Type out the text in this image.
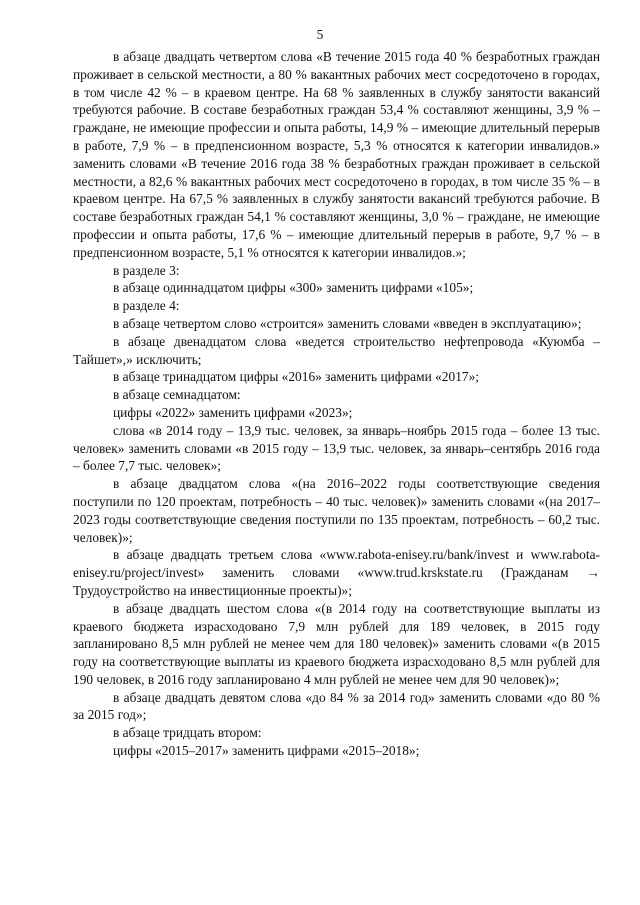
5

в абзаце двадцать четвертом слова «В течение 2015 года 40 % безработных граждан проживает в сельской местности, а 80 % вакантных рабочих мест сосредоточено в городах, в том числе 42 % – в краевом центре. На 68 % заявленных в службу занятости вакансий требуются рабочие. В составе безработных граждан 53,4 % составляют женщины, 3,9 % – граждане, не имеющие профессии и опыта работы, 14,9 % – имеющие длительный перерыв в работе, 7,9 % – в предпенсионном возрасте, 5,3 % относятся к категории инвалидов.» заменить словами «В течение 2016 года 38 % безработных граждан проживает в сельской местности, а 82,6 % вакантных рабочих мест сосредоточено в городах, в том числе 35 % – в краевом центре. На 67,5 % заявленных в службу занятости вакансий требуются рабочие. В составе безработных граждан 54,1 % составляют женщины, 3,0 % – граждане, не имеющие профессии и опыта работы, 17,6 % – имеющие длительный перерыв в работе, 9,7 % – в предпенсионном возрасте, 5,1 % относятся к категории инвалидов.»;

в разделе 3:

в абзаце одиннадцатом цифры «300» заменить цифрами «105»;

в разделе 4:

в абзаце четвертом слово «строится» заменить словами «введен в эксплуатацию»;

в абзаце двенадцатом слова «ведется строительство нефтепровода «Куюмба – Тайшет»,» исключить;

в абзаце тринадцатом цифры «2016» заменить цифрами «2017»;

в абзаце семнадцатом:

цифры «2022» заменить цифрами «2023»;

слова «в 2014 году – 13,9 тыс. человек, за январь–ноябрь 2015 года – более 13 тыс. человек» заменить словами «в 2015 году – 13,9 тыс. человек, за январь–сентябрь 2016 года – более 7,7 тыс. человек»;

в абзаце двадцатом слова «(на 2016–2022 годы соответствующие сведения поступили по 120 проектам, потребность – 40 тыс. человек)» заменить словами «(на 2017–2023 годы соответствующие сведения поступили по 135 проектам, потребность – 60,2 тыс. человек)»;

в абзаце двадцать третьем слова «www.rabota-enisey.ru/bank/invest и www.rabota-enisey.ru/project/invest» заменить словами «www.trud.krskstate.ru (Гражданам → Трудоустройство на инвестиционные проекты)»;

в абзаце двадцать шестом слова «(в 2014 году на соответствующие выплаты из краевого бюджета израсходовано 7,9 млн рублей для 189 человек, в 2015 году запланировано 8,5 млн рублей не менее чем для 180 человек)» заменить словами «(в 2015 году на соответствующие выплаты из краевого бюджета израсходовано 8,5 млн рублей для 190 человек, в 2016 году запланировано 4 млн рублей не менее чем для 90 человек)»;

в абзаце двадцать девятом слова «до 84 % за 2014 год» заменить словами «до 80 % за 2015 год»;

в абзаце тридцать втором:

цифры «2015–2017» заменить цифрами «2015–2018»;
